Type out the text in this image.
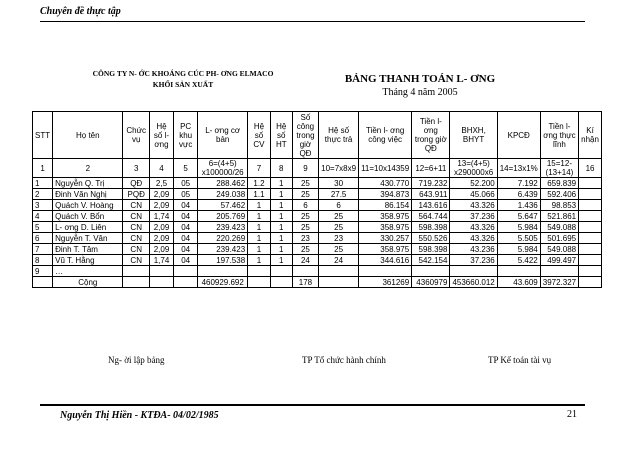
Chuyên đề thực tập
CÔNG TY N- ỚC KHOÁNG CÚC PH- ƠNG ELMACO
KHỐI SẢN XUẤT	BẢNG THANH TOÁN L- ƠNG
Tháng 4 năm 2005
STT	Họ tên	Chức vụ	Hệ số l- ơng	PC khu vực	L- ơng cơ bản	Hệ số CV	Hệ số HT	Số công trong giờ QĐ	Hệ số thực trả	Tiền l- ơng công việc	Tiền l- ơng trong giờ QĐ	BHXH, BHYT	KPCĐ	Tiền l- ơng thực lĩnh	Kí nhận
1	2	3	4	5	6=(4+5) x100000/26	7	8	9	10=7x8x9	11=10x14359	12=6+11	13=(4+5) x290000x6	14=13x1%	15=12-(13+14)	16
1	Nguyễn Q. Trị	QĐ	2,5	05	288.462	1.2	1	25	30	430.770	719.232	52.200	7.192	659.839	
2	Đinh Văn Nghị	PQĐ	2,09	05	249.038	1.1	1	25	27.5	394.873	643.911	45.066	6.439	592.406	
3	Quách V. Hoàng	CN	2,09	04	57.462	1	1	6	6	86.154	143.616	43.326	1.436	98.853	
4	Quách V. Bổn	CN	1,74	04	205.769	1	1	25	25	358.975	564.744	37.236	5.647	521.861	
5	L- ơng D. Liên	CN	2,09	04	239.423	1	1	25	25	358.975	598.398	43.326	5.984	549.088	
6	Nguyễn T. Vân	CN	2,09	04	220.269	1	1	23	23	330.257	550.526	43.326	5.505	501.695	
7	Đinh T. Tâm	CN	2,09	04	239.423	1	1	25	25	358.975	598.398	43.236	5.984	549.088	
8	Vũ T. Hằng	CN	1,74	04	197.538	1	1	24	24	344.616	542.154	37.236	5.422	499.497	
9	…														
	Cộng				460929.692			178		361269	4360979	453660.012	43.609	3972.327	
Ng- ời lập bảng	TP Tổ chức hành chính	TP Kế toán tài vụ
Nguyễn Thị Hiền - KTĐA- 04/02/1985	21
